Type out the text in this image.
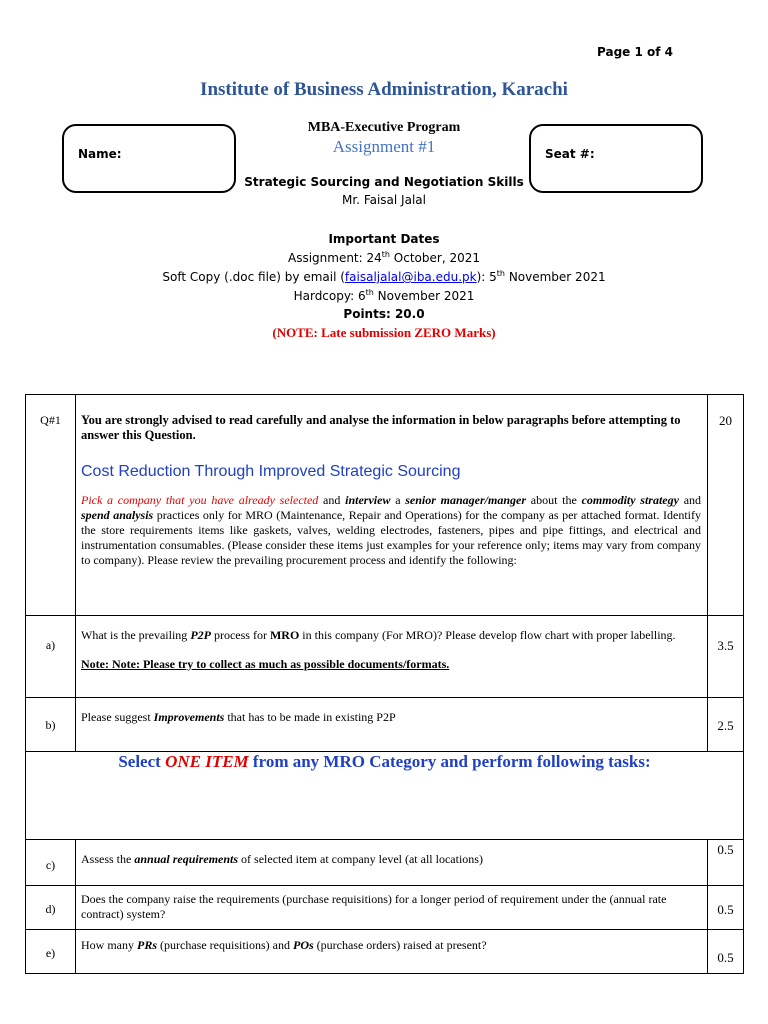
Page 1 of 4
Institute of Business Administration, Karachi
Name:	Seat #:
MBA-Executive Program
Assignment #1
Strategic Sourcing and Negotiation Skills
Mr. Faisal Jalal
Important Dates
Assignment: 24th October, 2021
Soft Copy (.doc file) by email (faisaljalal@iba.edu.pk): 5th November 2021
Hardcopy: 6th November 2021
Points: 20.0
(NOTE: Late submission ZERO Marks)
Q#1	You are strongly advised to read carefully and analyse the information in below paragraphs before attempting to answer this Question.
Cost Reduction Through Improved Strategic Sourcing
Pick a company that you have already selected and interview a senior manager/manger about the commodity strategy and spend analysis practices only for MRO (Maintenance, Repair and Operations) for the company as per attached format. Identify the store requirements items like gaskets, valves, welding electrodes, fasteners, pipes and pipe fittings, and electrical and instrumentation consumables. (Please consider these items just examples for your reference only; items may vary from company to company). Please review the prevailing procurement process and identify the following:	20
a)	What is the prevailing P2P process for MRO in this company (For MRO)? Please develop flow chart with proper labelling.
Note: Note: Please try to collect as much as possible documents/formats.	3.5
b)	Please suggest Improvements that has to be made in existing P2P	2.5
Select ONE ITEM from any MRO Category and perform following tasks:		
c)	Assess the annual requirements of selected item at company level (at all locations)	0.5
d)	Does the company raise the requirements (purchase requisitions) for a longer period of requirement under the (annual rate contract) system?	0.5
e)	How many PRs (purchase requisitions) and POs (purchase orders) raised at present?	0.5
